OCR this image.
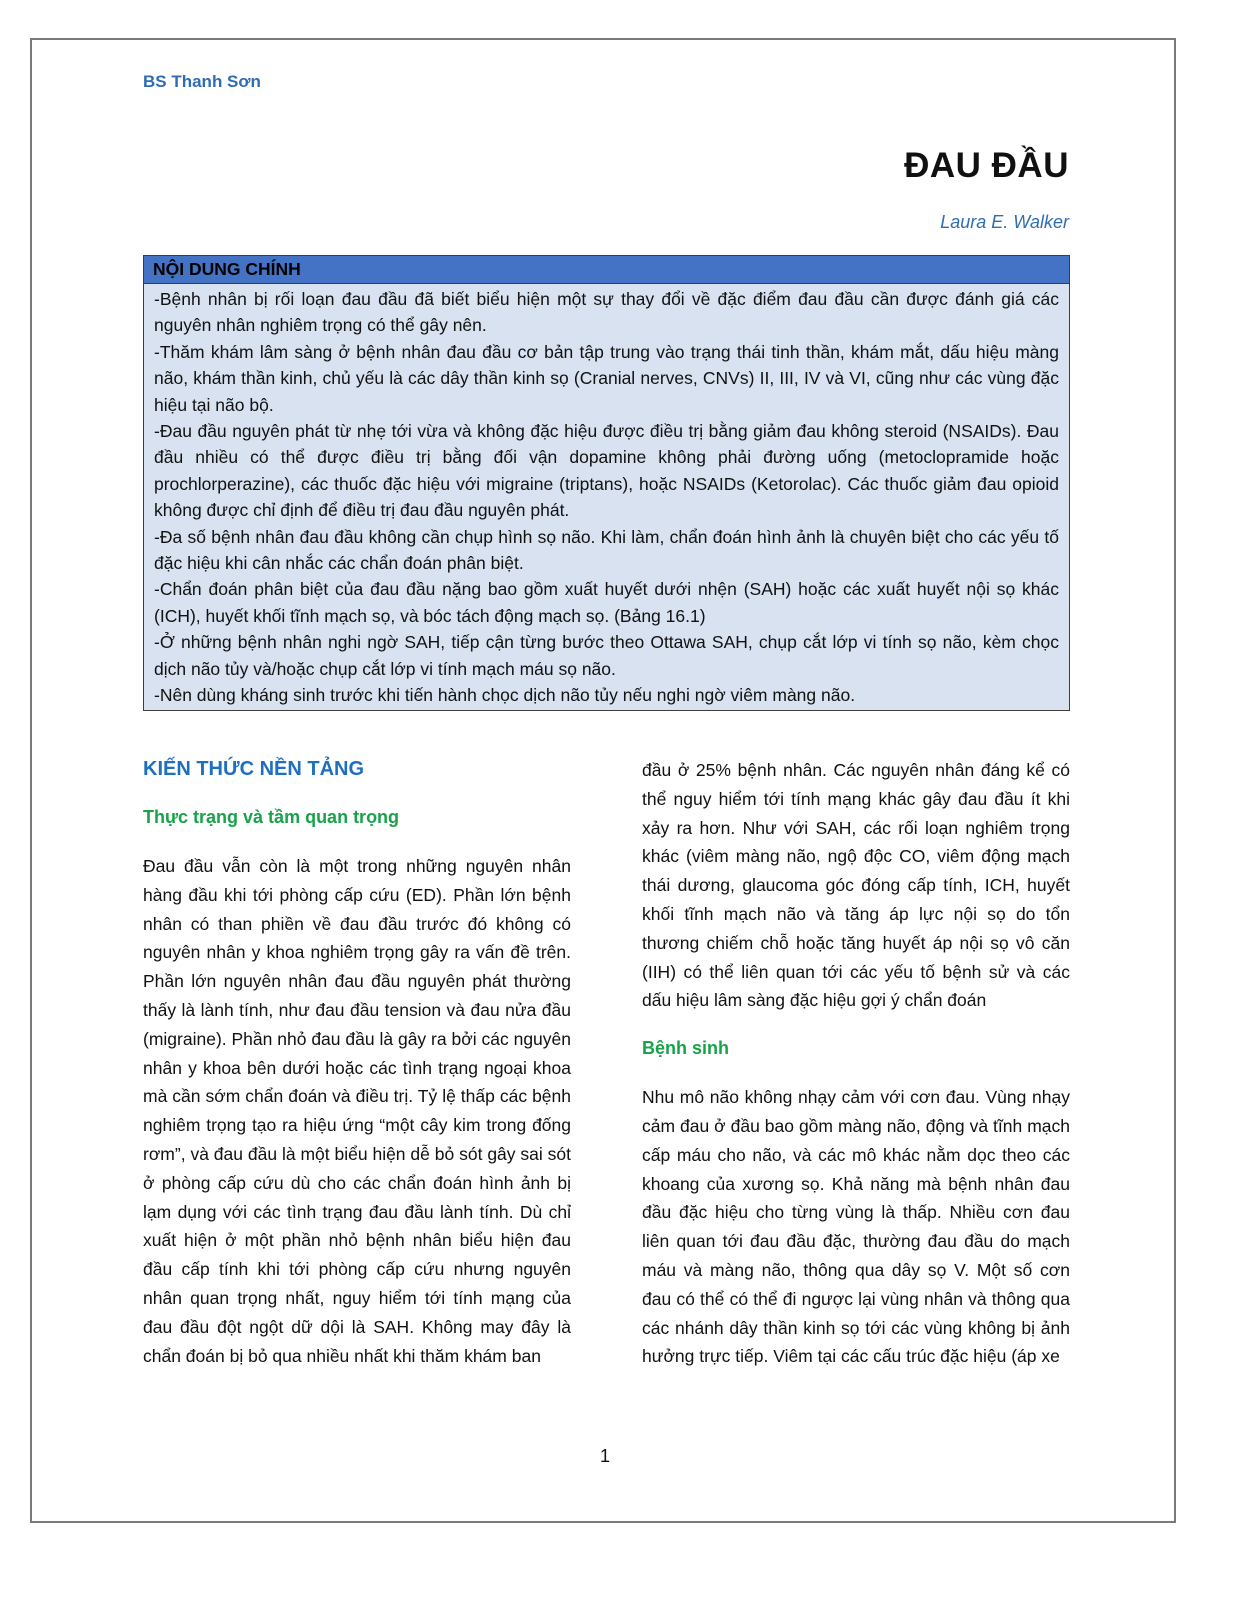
BS Thanh Sơn
ĐAU ĐẦU
Laura E. Walker
NỘI DUNG CHÍNH

-Bệnh nhân bị rối loạn đau đầu đã biết biểu hiện một sự thay đổi về đặc điểm đau đầu cần được đánh giá các nguyên nhân nghiêm trọng có thể gây nên.

-Thăm khám lâm sàng ở bệnh nhân đau đầu cơ bản tập trung vào trạng thái tinh thần, khám mắt, dấu hiệu màng não, khám thần kinh, chủ yếu là các dây thần kinh sọ (Cranial nerves, CNVs) II, III, IV và VI, cũng như các vùng đặc hiệu tại não bộ.

-Đau đầu nguyên phát từ nhẹ tới vừa và không đặc hiệu được điều trị bằng giảm đau không steroid (NSAIDs). Đau đầu nhiều có thể được điều trị bằng đối vận dopamine không phải đường uống (metoclopramide hoặc prochlorperazine), các thuốc đặc hiệu với migraine (triptans), hoặc NSAIDs (Ketorolac). Các thuốc giảm đau opioid không được chỉ định để điều trị đau đầu nguyên phát.

-Đa số bệnh nhân đau đầu không cần chụp hình sọ não. Khi làm, chẩn đoán hình ảnh là chuyên biệt cho các yếu tố đặc hiệu khi cân nhắc các chẩn đoán phân biệt.

-Chẩn đoán phân biệt của đau đầu nặng bao gồm xuất huyết dưới nhện (SAH) hoặc các xuất huyết nội sọ khác (ICH), huyết khối tĩnh mạch sọ, và bóc tách động mạch sọ. (Bảng 16.1)

-Ở những bệnh nhân nghi ngờ SAH, tiếp cận từng bước theo Ottawa SAH, chụp cắt lớp vi tính sọ não, kèm chọc dịch não tủy và/hoặc chụp cắt lớp vi tính mạch máu sọ não.

-Nên dùng kháng sinh trước khi tiến hành chọc dịch não tủy nếu nghi ngờ viêm màng não.

KIẾN THỨC NỀN TẢNG
Thực trạng và tầm quan trọng

Đau đầu vẫn còn là một trong những nguyên nhân hàng đầu khi tới phòng cấp cứu (ED). Phần lớn bệnh nhân có than phiền về đau đầu trước đó không có nguyên nhân y khoa nghiêm trọng gây ra vấn đề trên. Phần lớn nguyên nhân đau đầu nguyên phát thường thấy là lành tính, như đau đầu tension và đau nửa đầu (migraine). Phần nhỏ đau đầu là gây ra bởi các nguyên nhân y khoa bên dưới hoặc các tình trạng ngoại khoa mà cần sớm chẩn đoán và điều trị. Tỷ lệ thấp các bệnh nghiêm trọng tạo ra hiệu ứng “một cây kim trong đống rơm”, và đau đầu là một biểu hiện dễ bỏ sót gây sai sót ở phòng cấp cứu dù cho các chẩn đoán hình ảnh bị lạm dụng với các tình trạng đau đầu lành tính. Dù chỉ xuất hiện ở một phần nhỏ bệnh nhân biểu hiện đau đầu cấp tính khi tới phòng cấp cứu nhưng nguyên nhân quan trọng nhất, nguy hiểm tới tính mạng của đau đầu đột ngột dữ dội là SAH. Không may đây là chẩn đoán bị bỏ qua nhiều nhất khi thăm khám ban

đầu ở 25% bệnh nhân. Các nguyên nhân đáng kể có thể nguy hiểm tới tính mạng khác gây đau đầu ít khi xảy ra hơn. Như với SAH, các rối loạn nghiêm trọng khác (viêm màng não, ngộ độc CO, viêm động mạch thái dương, glaucoma góc đóng cấp tính, ICH, huyết khối tĩnh mạch não và tăng áp lực nội sọ do tổn thương chiếm chỗ hoặc tăng huyết áp nội sọ vô căn (IIH) có thể liên quan tới các yếu tố bệnh sử và các dấu hiệu lâm sàng đặc hiệu gợi ý chẩn đoán

Bệnh sinh

Nhu mô não không nhạy cảm với cơn đau. Vùng nhạy cảm đau ở đầu bao gồm màng não, động và tĩnh mạch cấp máu cho não, và các mô khác nằm dọc theo các khoang của xương sọ. Khả năng mà bệnh nhân đau đầu đặc hiệu cho từng vùng là thấp. Nhiều cơn đau liên quan tới đau đầu đặc, thường đau đầu do mạch máu và màng não, thông qua dây sọ V. Một số cơn đau có thể có thể đi ngược lại vùng nhân và thông qua các nhánh dây thần kinh sọ tới các vùng không bị ảnh hưởng trực tiếp. Viêm tại các cấu trúc đặc hiệu (áp xe

1
